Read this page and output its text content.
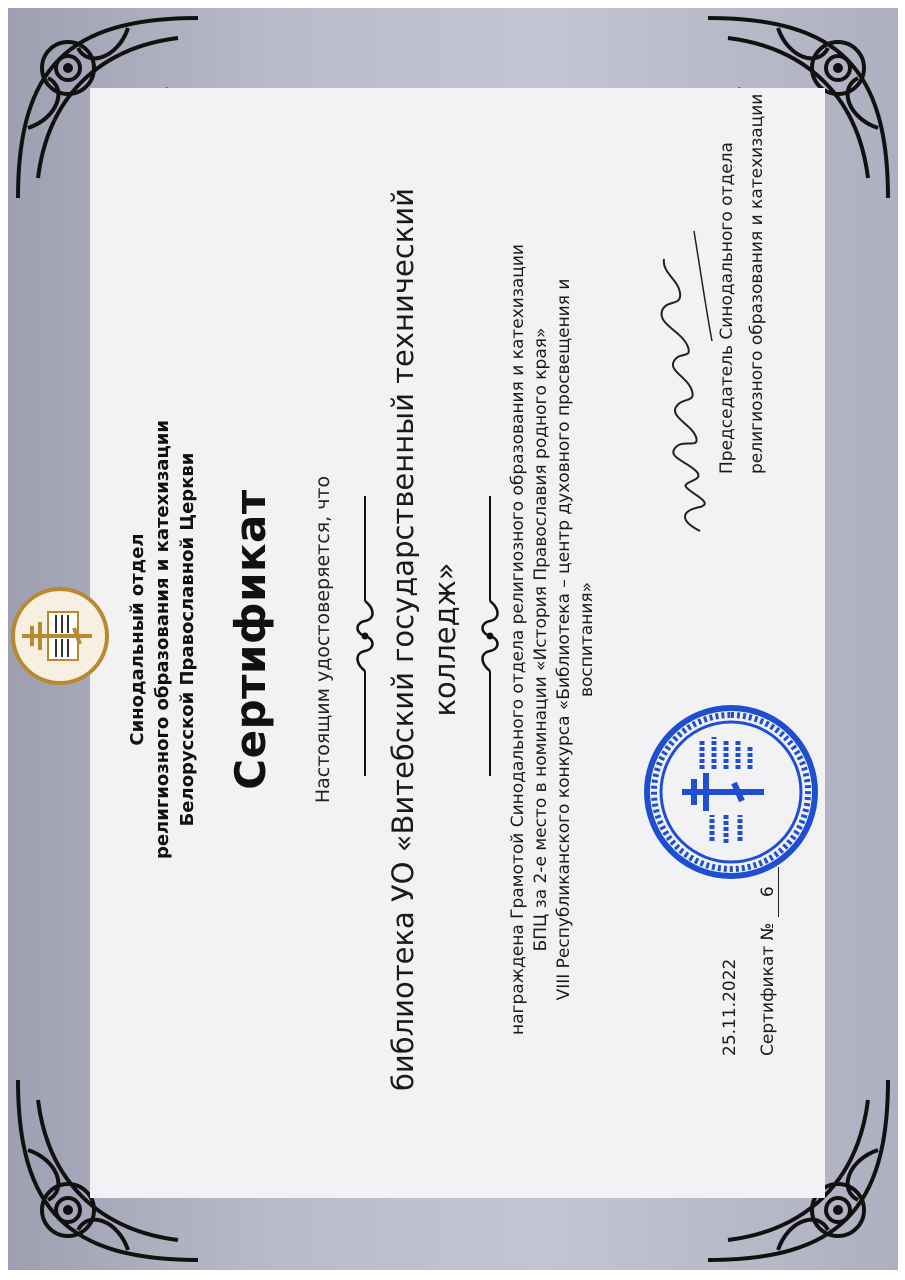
Синодальный отдел религиозного образования и катехизации Белорусской Православной Церкви Сертификат Настоящим удостоверяется, что библиотека УО «Витебский государственный технический колледж»	награждена Грамотой Синодального отдела религиозного образования и катехизации БПЦ за 2-е место в номинации «История Православия родного края» VIII Республиканского конкурса «Библиотека – центр духовного просвещения и воспитания»
25.11.2022 Сертификат №6
Председатель Синодального отдела религиозного образования и катехизации
